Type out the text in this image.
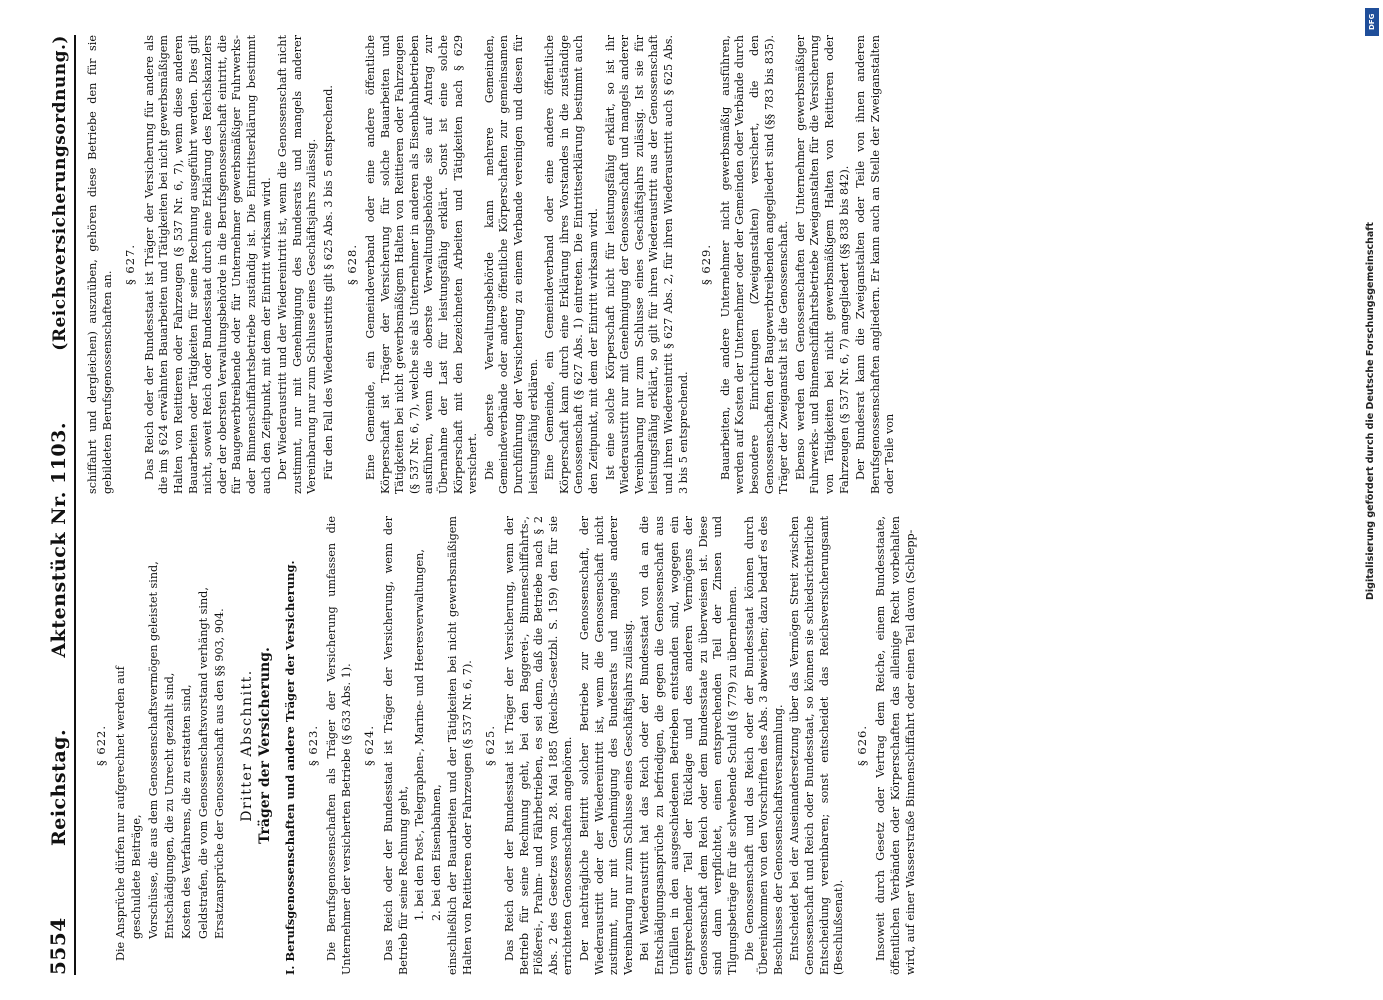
5554
Reichstag.
Aktenstück Nr. 1103.
(Reichsversicherungsordnung.)
§ 622. Die Ansprüche dürfen nur aufgerechnet werden auf geschuldete Beiträge, Vorschüsse, die aus dem Genossenschaftsvermögen geleistet sind, Entschädigungen, die zu Unrecht gezahlt sind, Kosten des Verfahrens, die zu erstatten sind, Geldstrafen, die vom Genossenschaftsvorstand verhängt sind, Ersatzansprüche der Genossenschaft aus den §§ 903, 904. Dritter Abschnitt. Träger der Versicherung. I. Berufsgenossenschaften und andere Träger der Versicherung. § 623. Die Berufsgenossenschaften als Träger der Versicherung umfassen die Unternehmer der versicherten Betriebe (§ 633 Abs. 1). § 624. Das Reich oder der Bundesstaat ist Träger der Versicherung, wenn der Betrieb für seine Rechnung geht, 1. bei den Post-, Telegraphen-, Marine- und Heeresverwaltungen, 2. bei den Eisenbahnen, einschließlich der Bauarbeiten und der Tätigkeiten bei nicht gewerbsmäßigem Halten von Reittieren oder Fahrzeugen (§ 537 Nr. 6, 7). § 625. Das Reich oder der Bundesstaat ist Träger der Versicherung, wenn der Betrieb für seine Rechnung geht, bei den Baggerei-, Binnenschiffahrts-, Flößerei-, Prahm- und Fährbetrieben, es sei denn, daß die Betriebe nach § 2 Abs. 2 des Gesetzes vom 28. Mai 1885 (Reichs-Gesetzbl. S. 159) den für sie errichteten Genossenschaften angehören. Der nachträgliche Beitritt solcher Betriebe zur Genossenschaft, der Wiederaustritt oder der Wiedereintritt ist, wenn die Genossenschaft nicht zustimmt, nur mit Genehmigung des Bundesrats und mangels anderer Vereinbarung nur zum Schlusse eines Geschäftsjahrs zulässig. Bei Wiederaustritt hat das Reich oder der Bundesstaat von da an die Entschädigungsansprüche zu befriedigen, die gegen die Genossenschaft aus Unfällen in den ausgeschiedenen Betrieben entstanden sind, wogegen ein entsprechender Teil der Rücklage und des anderen Vermögens der Genossenschaft dem Reich oder dem Bundesstaate zu überweisen ist. Diese sind dann verpflichtet, einen entsprechenden Teil der Zinsen und Tilgungsbeträge für die schwebende Schuld (§ 779) zu übernehmen. Die Genossenschaft und das Reich oder der Bundesstaat können durch Übereinkommen von den Vorschriften des Abs. 3 abweichen; dazu bedarf es des Beschlusses der Genossenschaftsversammlung. Entscheidet bei der Auseinandersetzung über das Vermögen Streit zwischen Genossenschaft und Reich oder Bundesstaat, so können sie schiedsrichterliche Entscheidung vereinbaren; sonst entscheidet das Reichsversicherungsamt (Beschlußsenat).

§ 626. Insoweit durch Gesetz oder Vertrag dem Reiche, einem Bundesstaate, öffentlichen Verbänden oder Körperschaften das alleinige Recht vorbehalten wird, auf einer Wasserstraße Binnenschiffahrt oder einen Teil davon (Schlepp-

schiffahrt und dergleichen) auszuüben, gehören diese Betriebe den für sie gebildeten Berufsgenossenschaften an.

§ 627. Das Reich oder der Bundesstaat ist Träger der Versicherung für andere als die im § 624 erwähnten Bauarbeiten und Tätigkeiten bei nicht gewerbsmäßigem Halten von Reittieren oder Fahrzeugen (§ 537 Nr. 6, 7), wenn diese anderen Bauarbeiten oder Tätigkeiten für seine Rechnung ausgeführt werden. Dies gilt nicht, soweit Reich oder Bundesstaat durch eine Erklärung des Reichskanzlers oder der obersten Verwaltungsbehörde in die Berufsgenossenschaft eintritt, die für Baugewerbtreibende oder für Unternehmer gewerbsmäßiger Fuhrwerks- oder Binnenschiffahrtsbetriebe zuständig ist. Die Eintrittserklärung bestimmt auch den Zeitpunkt, mit dem der Eintritt wirksam wird. Der Wiederaustritt und der Wiedereintritt ist, wenn die Genossenschaft nicht zustimmt, nur mit Genehmigung des Bundesrats und mangels anderer Vereinbarung nur zum Schlusse eines Geschäftsjahrs zulässig. Für den Fall des Wiederaustritts gilt § 625 Abs. 3 bis 5 entsprechend. § 628. Eine Gemeinde, ein Gemeindeverband oder eine andere öffentliche Körperschaft ist Träger der Versicherung für solche Bauarbeiten und Tätigkeiten bei nicht gewerbsmäßigem Halten von Reittieren oder Fahrzeugen (§ 537 Nr. 6, 7), welche sie als Unternehmer in anderen als Eisenbahnbetrieben ausführen, wenn die oberste Verwaltungsbehörde sie auf Antrag zur Übernahme der Last für leistungsfähig erklärt. Sonst ist eine solche Körperschaft mit den bezeichneten Arbeiten und Tätigkeiten nach § 629 versichert. Die oberste Verwaltungsbehörde kann mehrere Gemeinden, Gemeindeverbände oder andere öffentliche Körperschaften zur gemeinsamen Durchführung der Versicherung zu einem Verbande vereinigen und diesen für leistungsfähig erklären. Eine Gemeinde, ein Gemeindeverband oder eine andere öffentliche Körperschaft kann durch eine Erklärung ihres Vorstandes in die zuständige Genossenschaft (§ 627 Abs. 1) eintreten. Die Eintrittserklärung bestimmt auch den Zeitpunkt, mit dem der Eintritt wirksam wird. Ist eine solche Körperschaft nicht für leistungsfähig erklärt, so ist ihr Wiederaustritt nur mit Genehmigung der Genossenschaft und mangels anderer Vereinbarung nur zum Schlusse eines Geschäftsjahrs zulässig. Ist sie für leistungsfähig erklärt, so gilt für ihren Wiederaustritt aus der Genossenschaft und ihren Wiedereintritt § 627 Abs. 2, für ihren Wiederaustritt auch § 625 Abs. 3 bis 5 entsprechend.

§ 629. Bauarbeiten, die andere Unternehmer nicht gewerbsmäßig ausführen, werden auf Kosten der Unternehmer oder der Gemeinden oder Verbände durch besondere Einrichtungen (Zweiganstalten) versichert, die den Genossenschaften der Baugewerbtreibenden angegliedert sind (§§ 783 bis 835). Träger der Zweiganstalt ist die Genossenschaft. Ebenso werden den Genossenschaften der Unternehmer gewerbsmäßiger Fuhrwerks- und Binnenschiffahrtsbetriebe Zweiganstalten für die Versicherung von Tätigkeiten bei nicht gewerbsmäßigem Halten von Reittieren oder Fahrzeugen (§ 537 Nr. 6, 7) angegliedert (§§ 838 bis 842). Der Bundesrat kann die Zweiganstalten oder Teile von ihnen anderen Berufsgenossenschaften angliedern. Er kann auch an Stelle der Zweiganstalten oder Teile von

DFG
Digitalisierung gefördert durch die Deutsche Forschungsgemeinschaft
